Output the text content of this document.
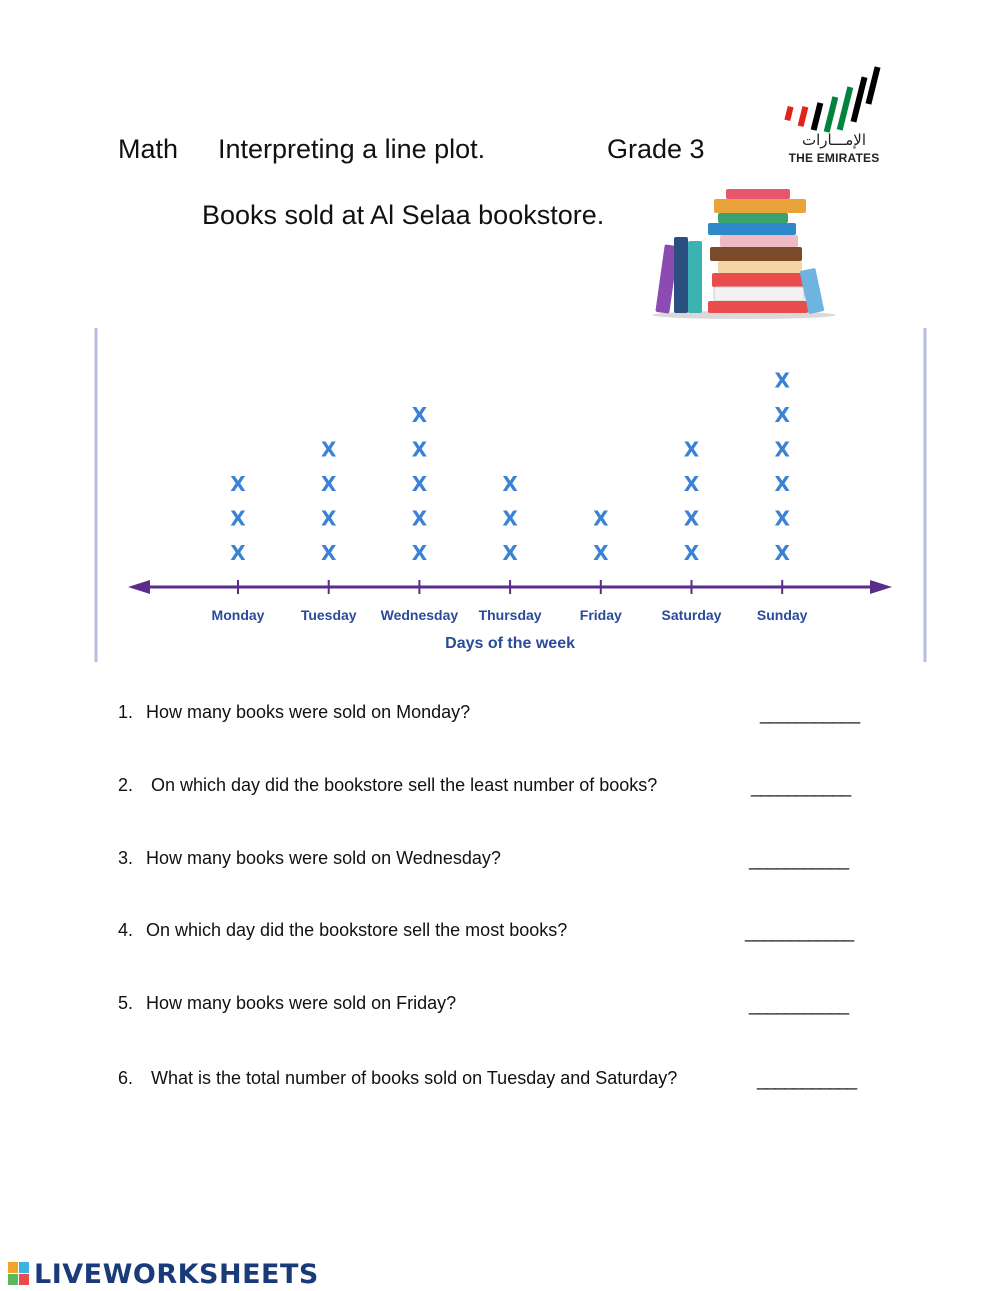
Math Interpreting a line plot.	Grade 3	الإمـــارات
THE EMIRATES
Books sold at Al Selaa bookstore.
Monday
X
X
X
Tuesday
X
X
X
X
Wednesday
X
X
X
X
X
Thursday
X
X
X
Friday
X
X
Saturday
X
X
X
X
Sunday
X
X
X
X
X
X
Days of the week
1. How many books were sold on Monday?	___________
2. On which day did the bookstore sell the least number of books?	___________
3. How many books were sold on Wednesday?	___________
4. On which day did the bookstore sell the most books?	____________
5. How many books were sold on Friday?	___________
6. What is the total number of books sold on Tuesday and Saturday?	___________
LIVEWORKSHEETS
